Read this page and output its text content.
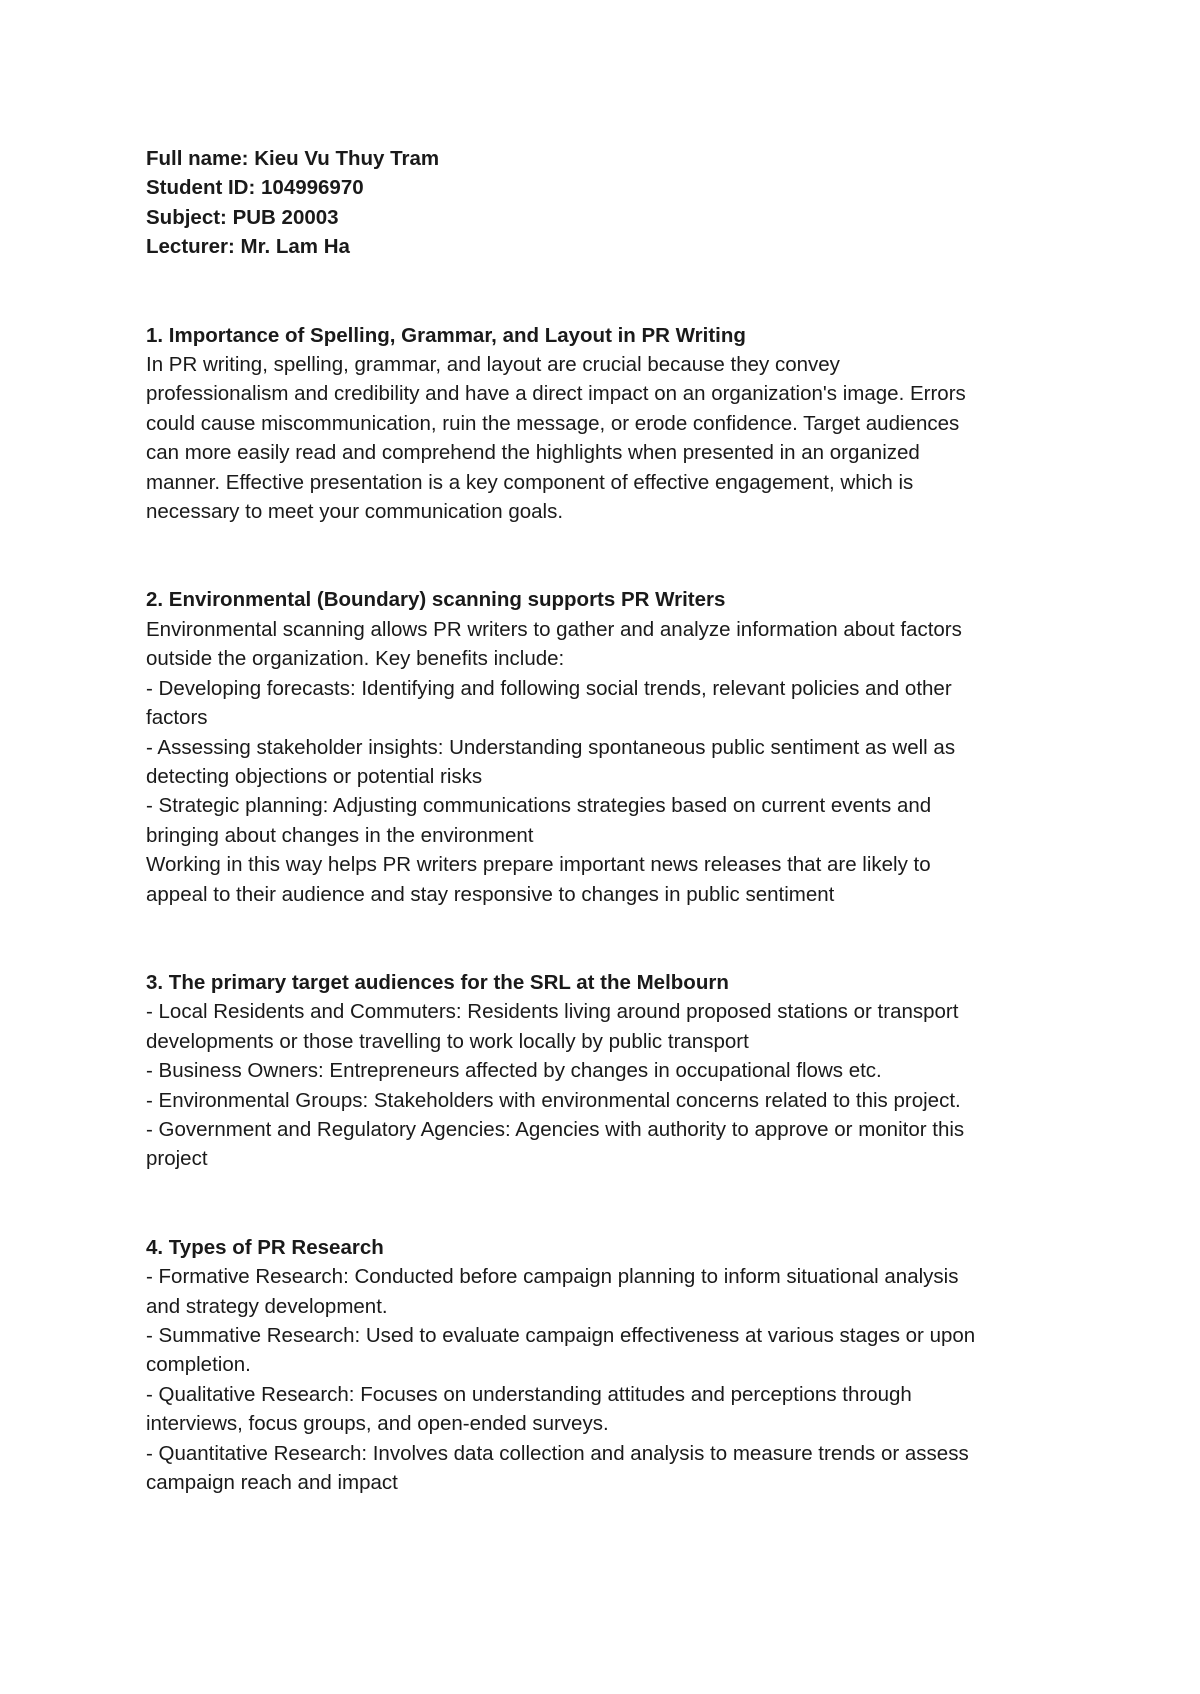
Full name: Kieu Vu Thuy Tram

Student ID: 104996970

Subject: PUB 20003

Lecturer: Mr. Lam Ha

1. Importance of Spelling, Grammar, and Layout in PR Writing

In PR writing, spelling, grammar, and layout are crucial because they convey

professionalism and credibility and have a direct impact on an organization's image. Errors

could cause miscommunication, ruin the message, or erode confidence. Target audiences

can more easily read and comprehend the highlights when presented in an organized

manner. Effective presentation is a key component of effective engagement, which is

necessary to meet your communication goals.

2. Environmental (Boundary) scanning supports PR Writers

Environmental scanning allows PR writers to gather and analyze information about factors

outside the organization. Key benefits include:

- Developing forecasts: Identifying and following social trends, relevant policies and other

factors

- Assessing stakeholder insights: Understanding spontaneous public sentiment as well as

detecting objections or potential risks

- Strategic planning: Adjusting communications strategies based on current events and

bringing about changes in the environment

Working in this way helps PR writers prepare important news releases that are likely to

appeal to their audience and stay responsive to changes in public sentiment

3. The primary target audiences for the SRL at the Melbourn

- Local Residents and Commuters: Residents living around proposed stations or transport

developments or those travelling to work locally by public transport

- Business Owners: Entrepreneurs affected by changes in occupational flows etc.

- Environmental Groups: Stakeholders with environmental concerns related to this project.

- Government and Regulatory Agencies: Agencies with authority to approve or monitor this

project

4. Types of PR Research

- Formative Research: Conducted before campaign planning to inform situational analysis

and strategy development.

- Summative Research: Used to evaluate campaign effectiveness at various stages or upon

completion.

- Qualitative Research: Focuses on understanding attitudes and perceptions through

interviews, focus groups, and open-ended surveys.

- Quantitative Research: Involves data collection and analysis to measure trends or assess

campaign reach and impact
